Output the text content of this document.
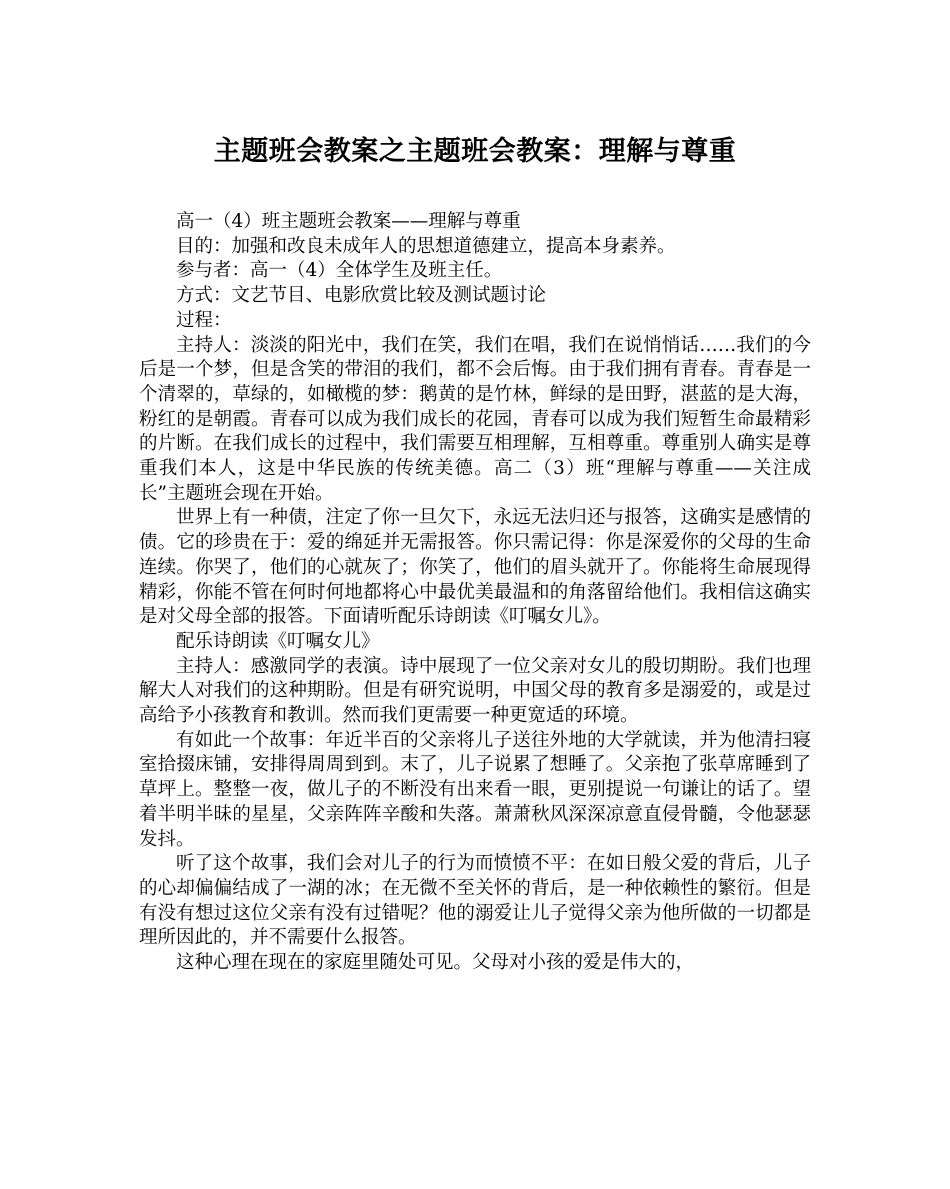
主题班会教案之主题班会教案：理解与尊重

高一（4）班主题班会教案——理解与尊重

目的：加强和改良未成年人的思想道德建立，提高本身素养。

参与者：高一（4）全体学生及班主任。

方式：文艺节目、电影欣赏比较及测试题讨论

过程：

主持人：淡淡的阳光中，我们在笑，我们在唱，我们在说悄悄话……我们的今后是一个梦，但是含笑的带泪的我们，都不会后悔。由于我们拥有青春。青春是一个清翠的，草绿的，如橄榄的梦：鹅黄的是竹林，鲜绿的是田野，湛蓝的是大海，粉红的是朝霞。青春可以成为我们成长的花园，青春可以成为我们短暂生命最精彩的片断。在我们成长的过程中，我们需要互相理解，互相尊重。尊重别人确实是尊重我们本人，这是中华民族的传统美德。高二（3）班“理解与尊重——关注成长”主题班会现在开始。

世界上有一种债，注定了你一旦欠下，永远无法归还与报答，这确实是感情的债。它的珍贵在于：爱的绵延并无需报答。你只需记得：你是深爱你的父母的生命连续。你哭了，他们的心就灰了；你笑了，他们的眉头就开了。你能将生命展现得精彩，你能不管在何时何地都将心中最优美最温和的角落留给他们。我相信这确实是对父母全部的报答。下面请听配乐诗朗读《叮嘱女儿》。

配乐诗朗读《叮嘱女儿》

主持人：感激同学的表演。诗中展现了一位父亲对女儿的殷切期盼。我们也理解大人对我们的这种期盼。但是有研究说明，中国父母的教育多是溺爱的，或是过高给予小孩教育和教训。然而我们更需要一种更宽适的环境。

有如此一个故事：年近半百的父亲将儿子送往外地的大学就读，并为他清扫寝室拾掇床铺，安排得周周到到。末了，儿子说累了想睡了。父亲抱了张草席睡到了草坪上。整整一夜，做儿子的不断没有出来看一眼，更别提说一句谦让的话了。望着半明半昧的星星，父亲阵阵辛酸和失落。萧萧秋风深深凉意直侵骨髓，令他瑟瑟发抖。

听了这个故事，我们会对儿子的行为而愤愤不平：在如日般父爱的背后，儿子的心却偏偏结成了一湖的冰；在无微不至关怀的背后，是一种依赖性的繁衍。但是有没有想过这位父亲有没有过错呢？他的溺爱让儿子觉得父亲为他所做的一切都是理所因此的，并不需要什么报答。

这种心理在现在的家庭里随处可见。父母对小孩的爱是伟大的，
